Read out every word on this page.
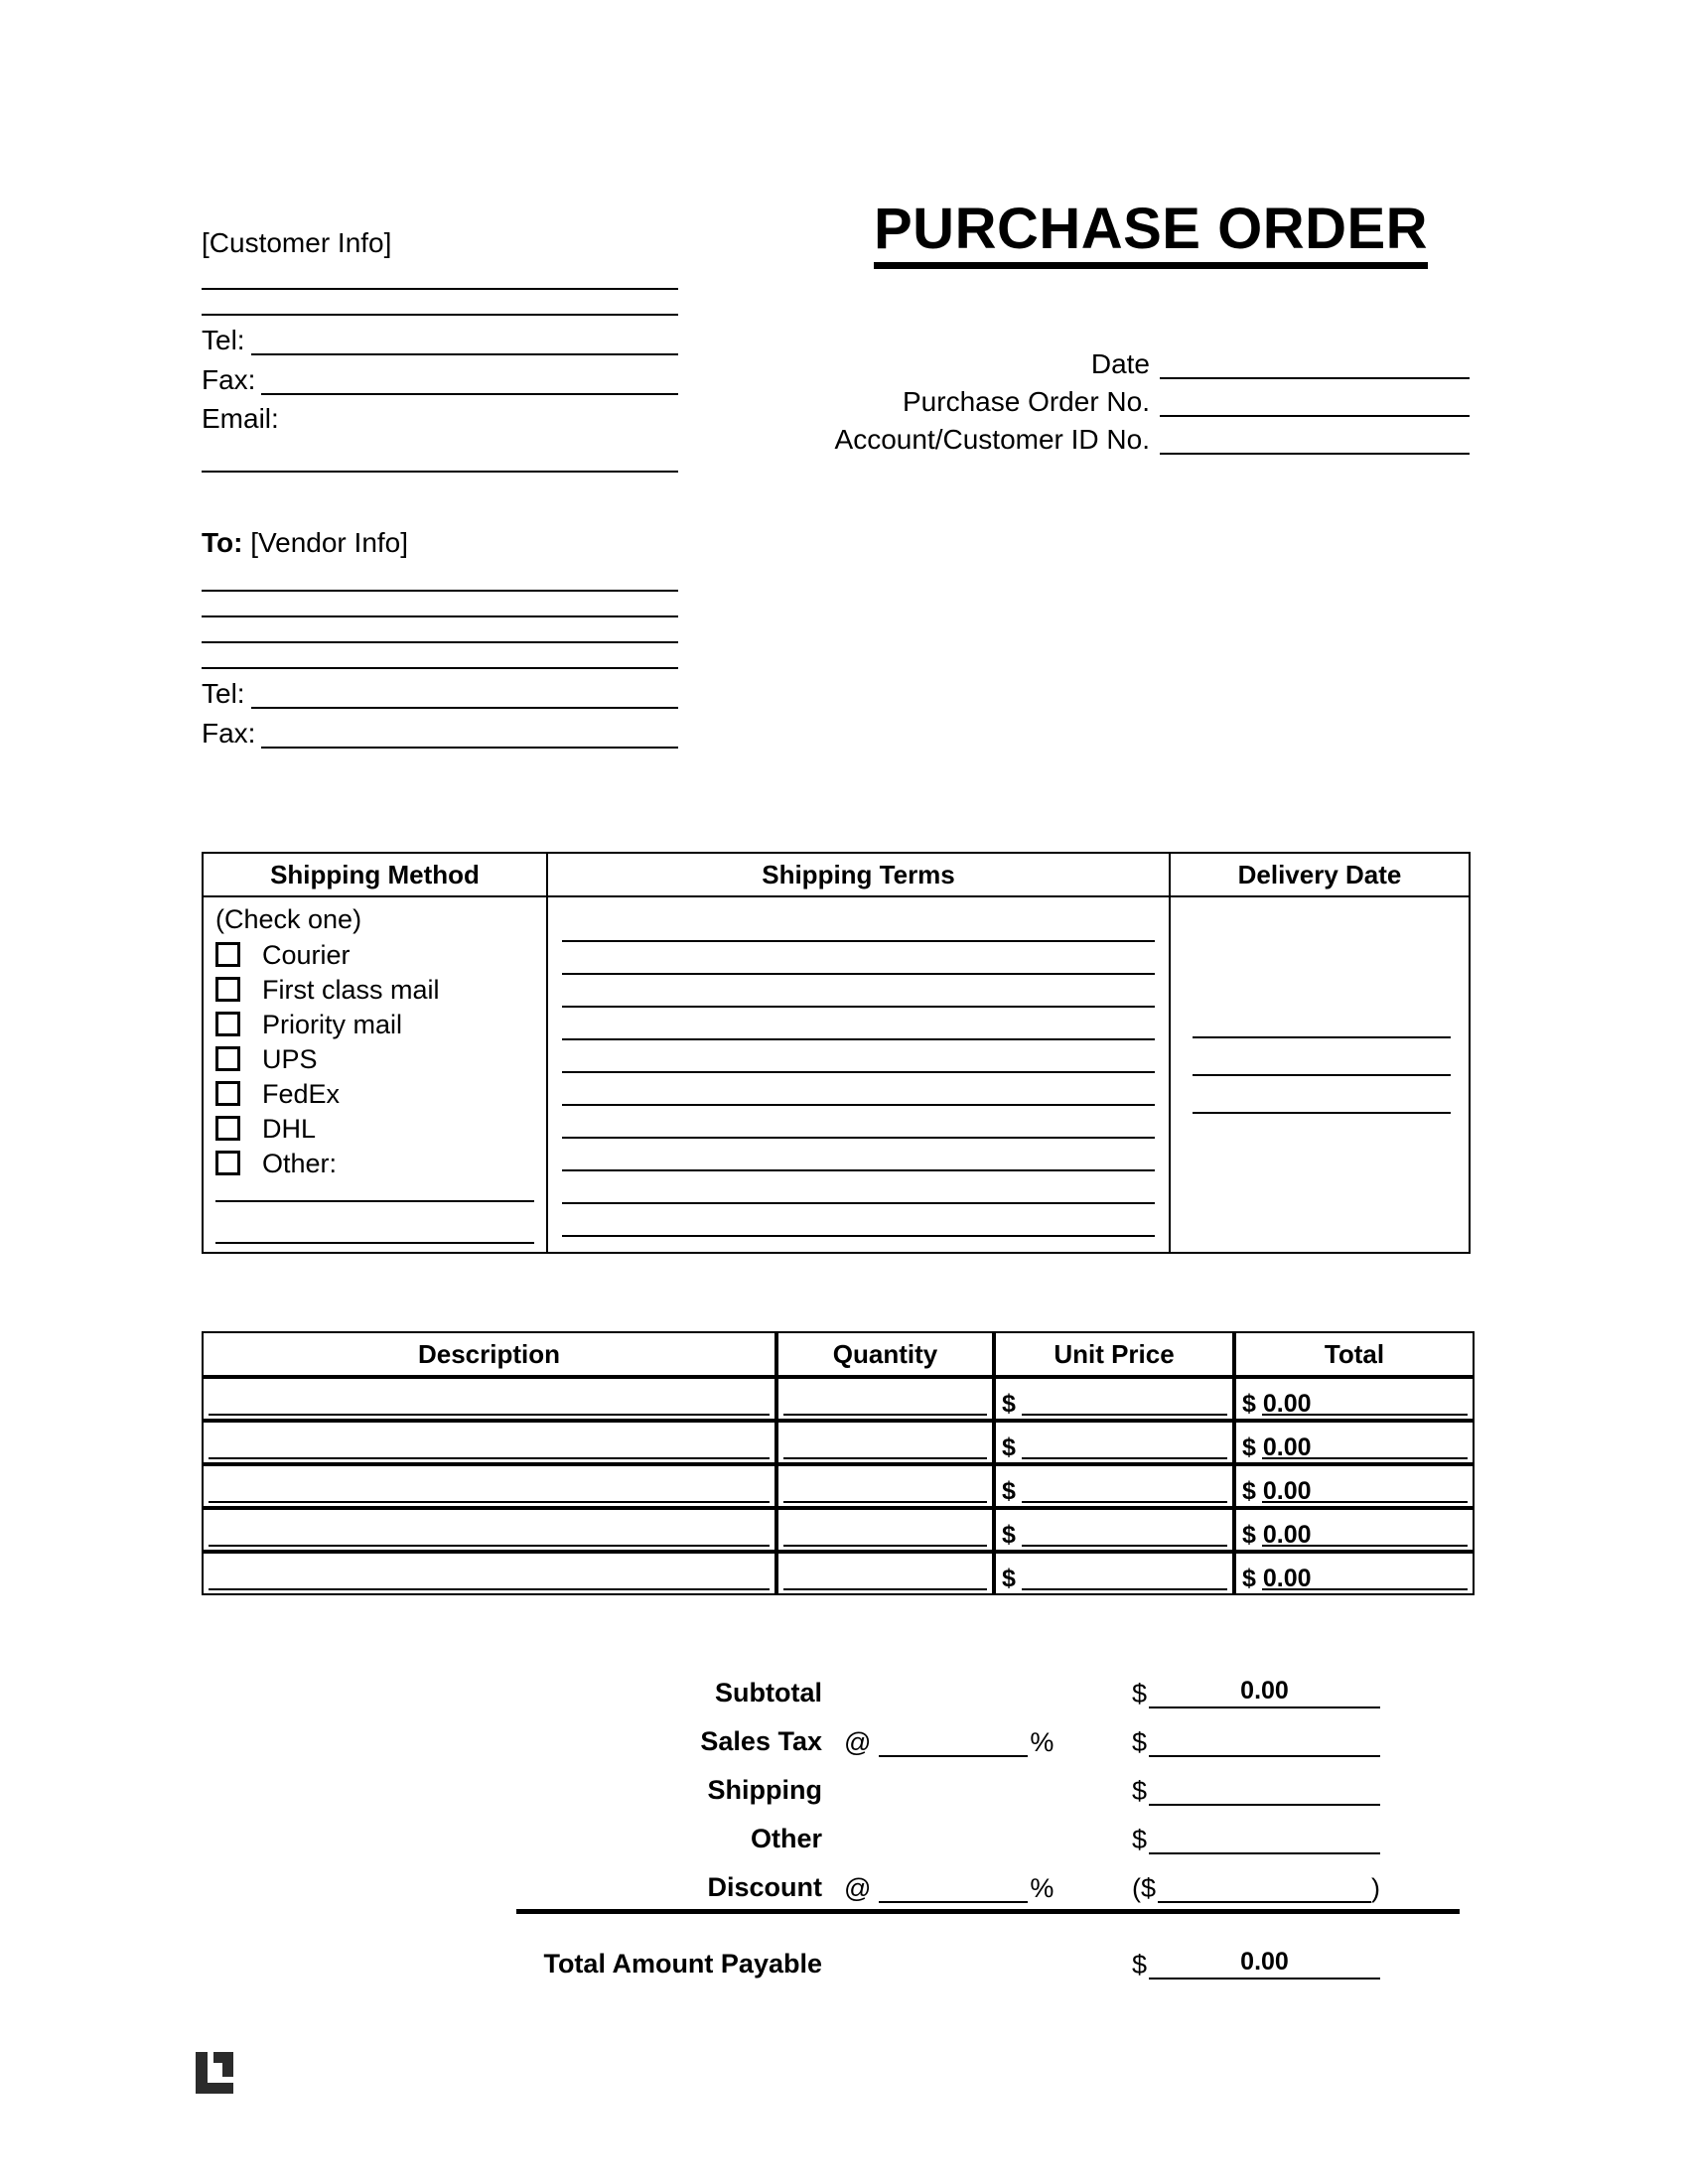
[Customer Info]
Tel:
Fax:
Email:
PURCHASE ORDER
Date
Purchase Order No.
Account/Customer ID No.
To: [Vendor Info]
Tel:
Fax:
Shipping Method	Shipping Terms	Delivery Date

(Check one)
Courier
First class mail
Priority mail
UPS
FedEx
DHL
Other:

Description	Quantity	Unit Price	Total

		$	$ 0.00

		$	$ 0.00

		$	$ 0.00

		$	$ 0.00

		$	$ 0.00
Subtotal	$	0.00
Sales Tax @	%	$
Shipping	$
Other	$
Discount @	%	( $	)
Total Amount Payable	$	0.00
